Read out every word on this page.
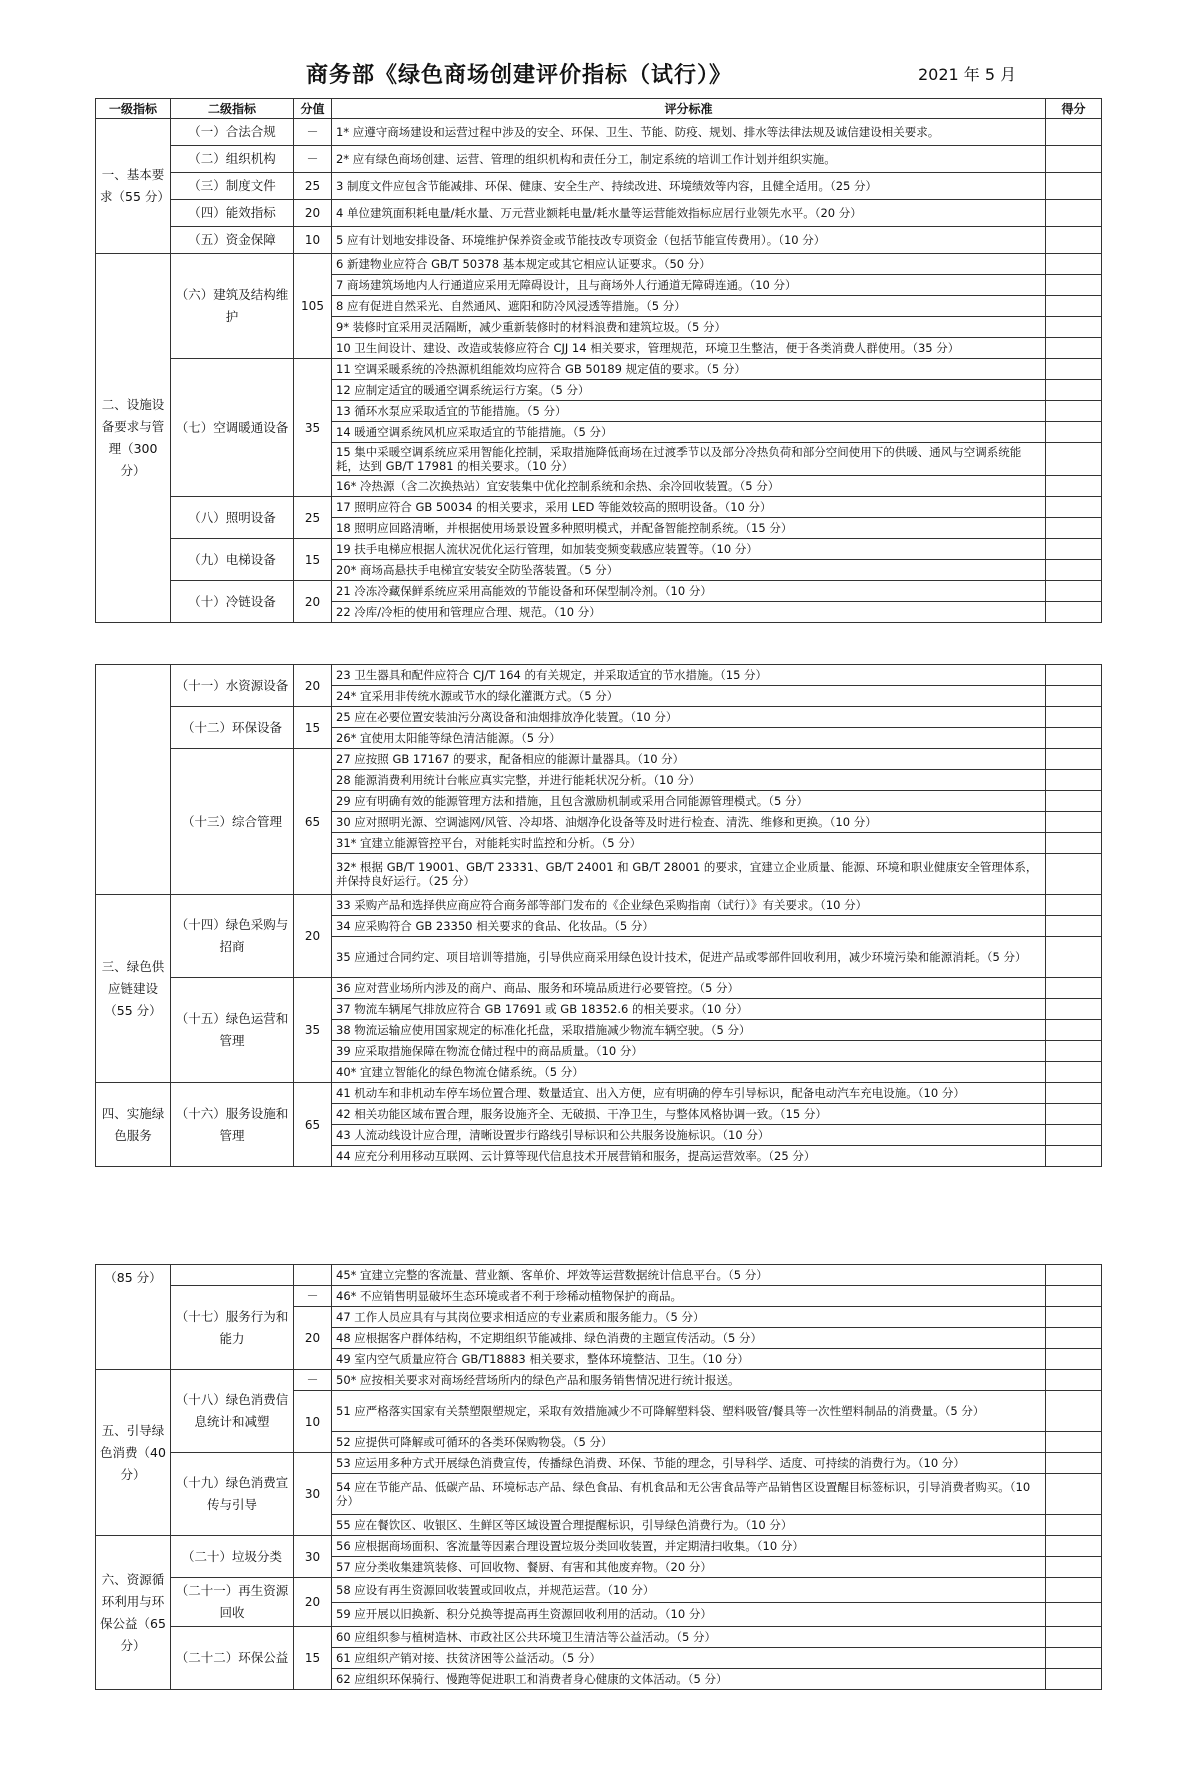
商务部《绿色商场创建评价指标（试行）》	2021 年 5 月
一级指标	二级指标	分值	评分标准	得分
一、基本要求（55 分）	（一）合法合规	－	1* 应遵守商场建设和运营过程中涉及的安全、环保、卫生、节能、防疫、规划、排水等法律法规及诚信建设相关要求。	
	（二）组织机构	－	2* 应有绿色商场创建、运营、管理的组织机构和责任分工，制定系统的培训工作计划并组织实施。	
	（三）制度文件	25	3 制度文件应包含节能减排、环保、健康、安全生产、持续改进、环境绩效等内容，且健全适用。（25 分）	
	（四）能效指标	20	4 单位建筑面积耗电量/耗水量、万元营业额耗电量/耗水量等运营能效指标应居行业领先水平。（20 分）	
	（五）资金保障	10	5 应有计划地安排设备、环境维护保养资金或节能技改专项资金（包括节能宣传费用）。（10 分）	
二、设施设备要求与管理（300 分）	（六）建筑及结构维护	105	6 新建物业应符合 GB/T 50378 基本规定或其它相应认证要求。（50 分）	
			7 商场建筑场地内人行通道应采用无障碍设计，且与商场外人行通道无障碍连通。（10 分）	
			8 应有促进自然采光、自然通风、遮阳和防冷风浸透等措施。（5 分）	
			9* 装修时宜采用灵活隔断，减少重新装修时的材料浪费和建筑垃圾。（5 分）	
			10 卫生间设计、建设、改造或装修应符合 CJJ 14 相关要求，管理规范，环境卫生整洁，便于各类消费人群使用。（35 分）	
	（七）空调暖通设备	35	11 空调采暖系统的冷热源机组能效均应符合 GB 50189 规定值的要求。（5 分）	
			12 应制定适宜的暖通空调系统运行方案。（5 分）	
			13 循环水泵应采取适宜的节能措施。（5 分）	
			14 暖通空调系统风机应采取适宜的节能措施。（5 分）	
			15 集中采暖空调系统应采用智能化控制，采取措施降低商场在过渡季节以及部分冷热负荷和部分空间使用下的供暖、通风与空调系统能耗，达到 GB/T 17981 的相关要求。（10 分）	
			16* 冷热源（含二次换热站）宜安装集中优化控制系统和余热、余冷回收装置。（5 分）	
	（八）照明设备	25	17 照明应符合 GB 50034 的相关要求，采用 LED 等能效较高的照明设备。（10 分）	
			18 照明应回路清晰，并根据使用场景设置多种照明模式，并配备智能控制系统。（15 分）	
	（九）电梯设备	15	19 扶手电梯应根据人流状况优化运行管理，如加装变频变载感应装置等。（10 分）	
			20* 商场高悬扶手电梯宜安装安全防坠落装置。（5 分）	
	（十）冷链设备	20	21 冷冻冷藏保鲜系统应采用高能效的节能设备和环保型制冷剂。（10 分）	
			22 冷库/冷柜的使用和管理应合理、规范。（10 分）	
	（十一）水资源设备	20	23 卫生器具和配件应符合 CJ/T 164 的有关规定，并采取适宜的节水措施。（15 分）	
			24* 宜采用非传统水源或节水的绿化灌溉方式。（5 分）	
	（十二）环保设备	15	25 应在必要位置安装油污分离设备和油烟排放净化装置。（10 分）	
			26* 宜使用太阳能等绿色清洁能源。（5 分）	
	（十三）综合管理	65	27 应按照 GB 17167 的要求，配备相应的能源计量器具。（10 分）	
			28 能源消费利用统计台帐应真实完整，并进行能耗状况分析。（10 分）	
			29 应有明确有效的能源管理方法和措施，且包含激励机制或采用合同能源管理模式。（5 分）	
			30 应对照明光源、空调滤网/风管、冷却塔、油烟净化设备等及时进行检查、清洗、维修和更换。（10 分）	
			31* 宜建立能源管控平台，对能耗实时监控和分析。（5 分）	
			32* 根据 GB/T 19001、GB/T 23331、GB/T 24001 和 GB/T 28001 的要求，宜建立企业质量、能源、环境和职业健康安全管理体系，并保持良好运行。（25 分）	
三、绿色供应链建设（55 分）	（十四）绿色采购与招商	20	33 采购产品和选择供应商应符合商务部等部门发布的《企业绿色采购指南（试行）》有关要求。（10 分）	
			34 应采购符合 GB 23350 相关要求的食品、化妆品。（5 分）	
			35 应通过合同约定、项目培训等措施，引导供应商采用绿色设计技术，促进产品或零部件回收利用，减少环境污染和能源消耗。（5 分）	
	（十五）绿色运营和管理	35	36 应对营业场所内涉及的商户、商品、服务和环境品质进行必要管控。（5 分）	
			37 物流车辆尾气排放应符合 GB 17691 或 GB 18352.6 的相关要求。（10 分）	
			38 物流运输应使用国家规定的标准化托盘，采取措施减少物流车辆空驶。（5 分）	
			39 应采取措施保障在物流仓储过程中的商品质量。（10 分）	
			40* 宜建立智能化的绿色物流仓储系统。（5 分）	
四、实施绿色服务	（十六）服务设施和管理	65	41 机动车和非机动车停车场位置合理、数量适宜、出入方便，应有明确的停车引导标识，配备电动汽车充电设施。（10 分）	
			42 相关功能区域布置合理，服务设施齐全、无破损、干净卫生，与整体风格协调一致。（15 分）	
			43 人流动线设计应合理，清晰设置步行路线引导标识和公共服务设施标识。（10 分）	
			44 应充分利用移动互联网、云计算等现代信息技术开展营销和服务，提高运营效率。（25 分）	
（85 分）			45* 宜建立完整的客流量、营业额、客单价、坪效等运营数据统计信息平台。（5 分）	
	（十七）服务行为和能力	－	46* 不应销售明显破坏生态环境或者不利于珍稀动植物保护的商品。	
		20	47 工作人员应具有与其岗位要求相适应的专业素质和服务能力。（5 分）	
			48 应根据客户群体结构，不定期组织节能减排、绿色消费的主题宣传活动。（5 分）	
			49 室内空气质量应符合 GB/T18883 相关要求，整体环境整洁、卫生。（10 分）	
五、引导绿色消费（40 分）	（十八）绿色消费信息统计和减塑	－	50* 应按相关要求对商场经营场所内的绿色产品和服务销售情况进行统计报送。	
		10	51 应严格落实国家有关禁塑限塑规定，采取有效措施减少不可降解塑料袋、塑料吸管/餐具等一次性塑料制品的消费量。（5 分）	
			52 应提供可降解或可循环的各类环保购物袋。（5 分）	
	（十九）绿色消费宣传与引导	30	53 应运用多种方式开展绿色消费宣传，传播绿色消费、环保、节能的理念，引导科学、适度、可持续的消费行为。（10 分）	
			54 应在节能产品、低碳产品、环境标志产品、绿色食品、有机食品和无公害食品等产品销售区设置醒目标签标识，引导消费者购买。（10 分）	
			55 应在餐饮区、收银区、生鲜区等区域设置合理提醒标识，引导绿色消费行为。（10 分）	
六、资源循环利用与环保公益（65 分）	（二十）垃圾分类	30	56 应根据商场面积、客流量等因素合理设置垃圾分类回收装置，并定期清扫收集。（10 分）	
			57 应分类收集建筑装修、可回收物、餐厨、有害和其他废弃物。（20 分）	
	（二十一）再生资源回收	20	58 应设有再生资源回收装置或回收点，并规范运营。（10 分）	
			59 应开展以旧换新、积分兑换等提高再生资源回收利用的活动。（10 分）	
	（二十二）环保公益	15	60 应组织参与植树造林、市政社区公共环境卫生清洁等公益活动。（5 分）	
			61 应组织产销对接、扶贫济困等公益活动。（5 分）	
			62 应组织环保骑行、慢跑等促进职工和消费者身心健康的文体活动。（5 分）	
